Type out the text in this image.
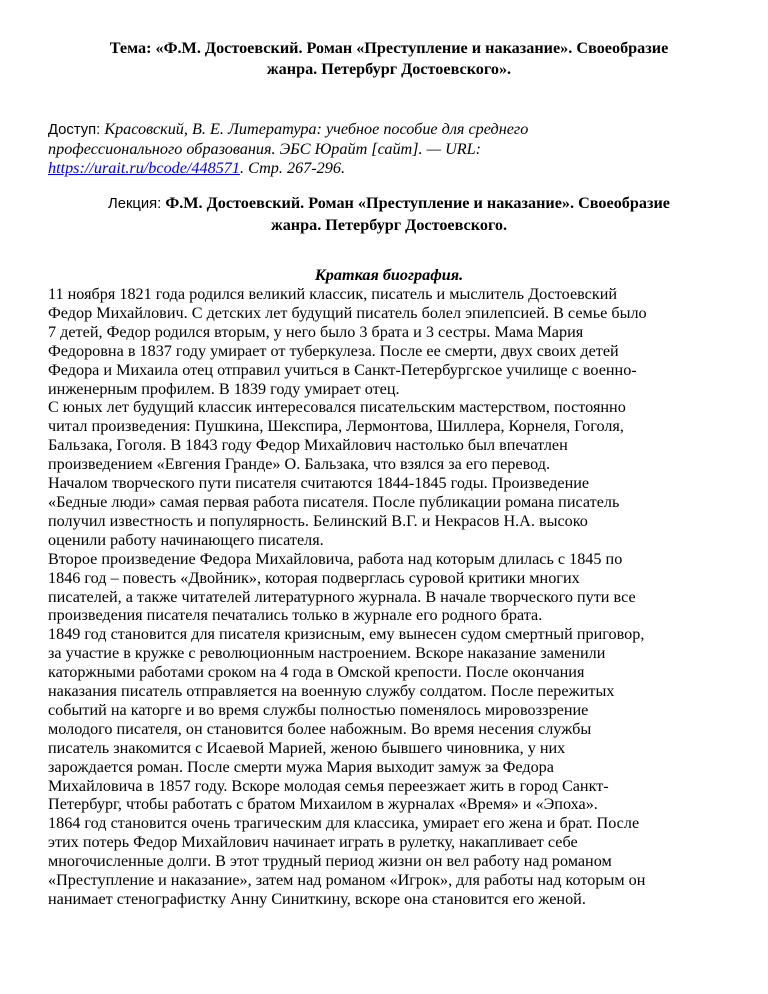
Тема: «Ф.М. Достоевский. Роман «Преступление и наказание». Своеобразие
жанра. Петербург Достоевского».
Доступ: Красовский, В. Е. Литература: учебное пособие для среднего
профессионального образования. ЭБС Юрайт [сайт]. — URL:
https://urait.ru/bcode/448571. Стр. 267-296.
Лекция: Ф.М. Достоевский. Роман «Преступление и наказание». Своеобразие
жанра. Петербург Достоевского.
Краткая биография.

11 ноября 1821 года родился великий классик, писатель и мыслитель Достоевский

Федор Михайлович. С детских лет будущий писатель болел эпилепсией. В семье было

7 детей, Федор родился вторым, у него было 3 брата и 3 сестры. Мама Мария

Федоровна в 1837 году умирает от туберкулеза. После ее смерти, двух своих детей

Федора и Михаила отец отправил учиться в Санкт-Петербургское училище с военно-

инженерным профилем. В 1839 году умирает отец.

С юных лет будущий классик интересовался писательским мастерством, постоянно

читал произведения: Пушкина, Шекспира, Лермонтова, Шиллера, Корнеля, Гоголя,

Бальзака, Гоголя. В 1843 году Федор Михайлович настолько был впечатлен

произведением «Евгения Гранде» О. Бальзака, что взялся за его перевод.

Началом творческого пути писателя считаются 1844-1845 годы. Произведение

«Бедные люди» самая первая работа писателя. После публикации романа писатель

получил известность и популярность. Белинский В.Г. и Некрасов Н.А. высоко

оценили работу начинающего писателя.

Второе произведение Федора Михайловича, работа над которым длилась с 1845 по

1846 год – повесть «Двойник», которая подверглась суровой критики многих

писателей, а также читателей литературного журнала. В начале творческого пути все

произведения писателя печатались только в журнале его родного брата.

1849 год становится для писателя кризисным, ему вынесен судом смертный приговор,

за участие в кружке с революционным настроением. Вскоре наказание заменили

каторжными работами сроком на 4 года в Омской крепости. После окончания

наказания писатель отправляется на военную службу солдатом. После пережитых

событий на каторге и во время службы полностью поменялось мировоззрение

молодого писателя, он становится более набожным. Во время несения службы

писатель знакомится с Исаевой Марией, женою бывшего чиновника, у них

зарождается роман. После смерти мужа Мария выходит замуж за Федора

Михайловича в 1857 году. Вскоре молодая семья переезжает жить в город Санкт-

Петербург, чтобы работать с братом Михаилом в журналах «Время» и «Эпоха».

1864 год становится очень трагическим для классика, умирает его жена и брат. После

этих потерь Федор Михайлович начинает играть в рулетку, накапливает себе

многочисленные долги. В этот трудный период жизни он вел работу над романом

«Преступление и наказание», затем над романом «Игрок», для работы над которым он

нанимает стенографистку Анну Синиткину, вскоре она становится его женой.
